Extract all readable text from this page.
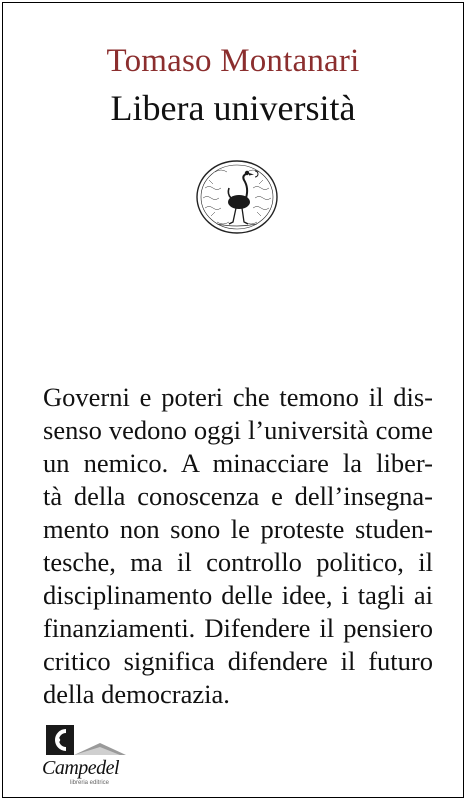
Tomaso Montanari
Libera università
Governi e poteri che temono il dis-
senso vedono oggi l’università come
un nemico. A minacciare la liber-
tà della conoscenza e dell’insegna-
mento non sono le proteste studen-
tesche, ma il controllo politico, il
disciplinamento delle idee, i tagli ai
finanziamenti. Difendere il pensiero
critico significa difendere il futuro
della democrazia.
Campedel
libreria editrice
